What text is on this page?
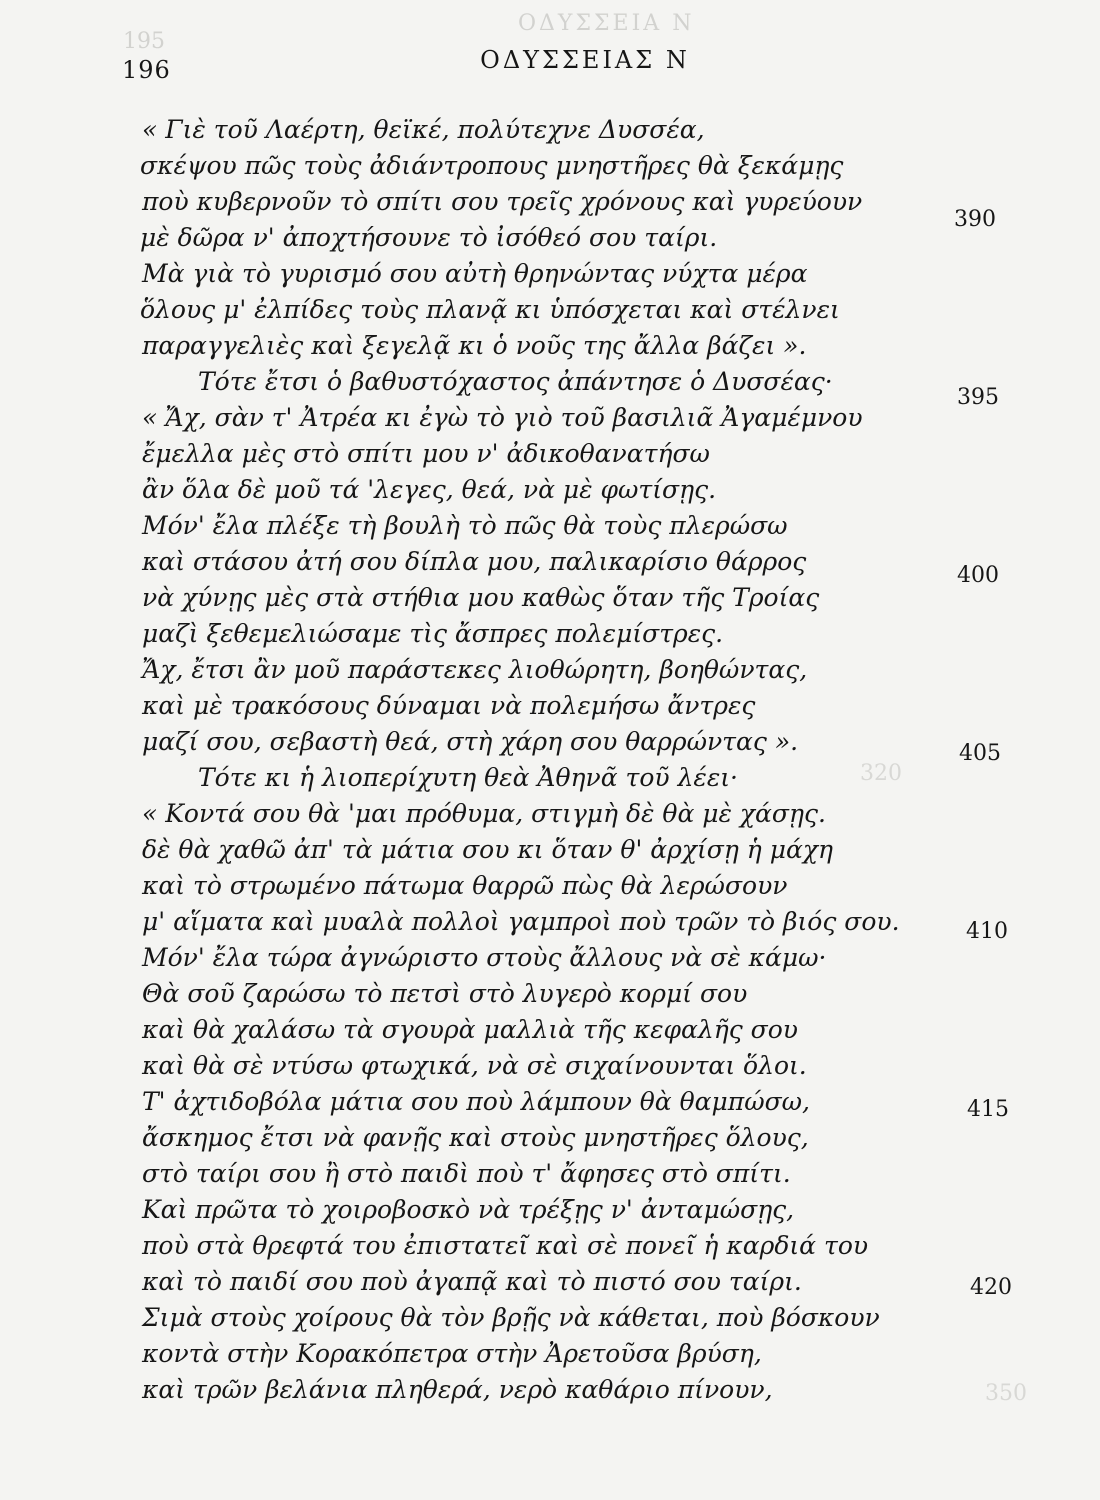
195
ΟΔΥΣΣΕΙΑ Ν
320
350
196	ΟΔΥΣΣΕΙΑΣ Ν
« Γιὲ τοῦ Λαέρτη, θεϊκέ, πολύτεχνε Δυσσέα,
σκέψου πῶς τοὺς ἀδιάντροπους μνηστῆρες θὰ ξεκάμῃς
ποὺ κυβερνοῦν τὸ σπίτι σου τρεῖς χρόνους καὶ γυρεύουν
μὲ δῶρα ν' ἀποχτήσουνε τὸ ἰσόθεό σου ταίρι.
Μὰ γιὰ τὸ γυρισμό σου αὐτὴ θρηνώντας νύχτα μέρα
ὅλους μ' ἐλπίδες τοὺς πλανᾷ κι ὑπόσχεται καὶ στέλνει
παραγγελιὲς καὶ ξεγελᾷ κι ὁ νοῦς της ἄλλα βάζει ».
Τότε ἔτσι ὁ βαθυστόχαστος ἀπάντησε ὁ Δυσσέας·
« Ἄχ, σὰν τ' Ἀτρέα κι ἐγὼ τὸ γιὸ τοῦ βασιλιᾶ Ἀγαμέμνου
ἔμελλα μὲς στὸ σπίτι μου ν' ἀδικοθανατήσω
ἂν ὅλα δὲ μοῦ τά 'λεγες, θεά, νὰ μὲ φωτίσῃς.
Μόν' ἔλα πλέξε τὴ βουλὴ τὸ πῶς θὰ τοὺς πλερώσω
καὶ στάσου ἀτή σου δίπλα μου, παλικαρίσιο θάρρος
νὰ χύνῃς μὲς στὰ στήθια μου καθὼς ὅταν τῆς Τροίας
μαζὶ ξεθεμελιώσαμε τὶς ἄσπρες πολεμίστρες.
Ἄχ, ἔτσι ἂν μοῦ παράστεκες λιοθώρητη, βοηθώντας,
καὶ μὲ τρακόσους δύναμαι νὰ πολεμήσω ἄντρες
μαζί σου, σεβαστὴ θεά, στὴ χάρη σου θαρρώντας ».
Τότε κι ἡ λιοπερίχυτη θεὰ Ἀθηνᾶ τοῦ λέει·
« Κοντά σου θὰ 'μαι πρόθυμα, στιγμὴ δὲ θὰ μὲ χάσῃς.
δὲ θὰ χαθῶ ἀπ' τὰ μάτια σου κι ὅταν θ' ἀρχίσῃ ἡ μάχη
καὶ τὸ στρωμένο πάτωμα θαρρῶ πὼς θὰ λερώσουν
μ' αἵματα καὶ μυαλὰ πολλοὶ γαμπροὶ ποὺ τρῶν τὸ βιός σου.
Μόν' ἔλα τώρα ἀγνώριστο στοὺς ἄλλους νὰ σὲ κάμω·
Θὰ σοῦ ζαρώσω τὸ πετσὶ στὸ λυγερὸ κορμί σου
καὶ θὰ χαλάσω τὰ σγουρὰ μαλλιὰ τῆς κεφαλῆς σου
καὶ θὰ σὲ ντύσω φτωχικά, νὰ σὲ σιχαίνουνται ὅλοι.
Τ' ἀχτιδοβόλα μάτια σου ποὺ λάμπουν θὰ θαμπώσω,
ἄσκημος ἔτσι νὰ φανῇς καὶ στοὺς μνηστῆρες ὅλους,
στὸ ταίρι σου ἢ στὸ παιδὶ ποὺ τ' ἄφησες στὸ σπίτι.
Καὶ πρῶτα τὸ χοιροβοσκὸ νὰ τρέξῃς ν' ἀνταμώσῃς,
ποὺ στὰ θρεφτά του ἐπιστατεῖ καὶ σὲ πονεῖ ἡ καρδιά του
καὶ τὸ παιδί σου ποὺ ἀγαπᾷ καὶ τὸ πιστό σου ταίρι.
Σιμὰ στοὺς χοίρους θὰ τὸν βρῇς νὰ κάθεται, ποὺ βόσκουν
κοντὰ στὴν Κορακόπετρα στὴν Ἀρετοῦσα βρύση,
καὶ τρῶν βελάνια πληθερά, νερὸ καθάριο πίνουν,
390
395
400
405
410
415
420
